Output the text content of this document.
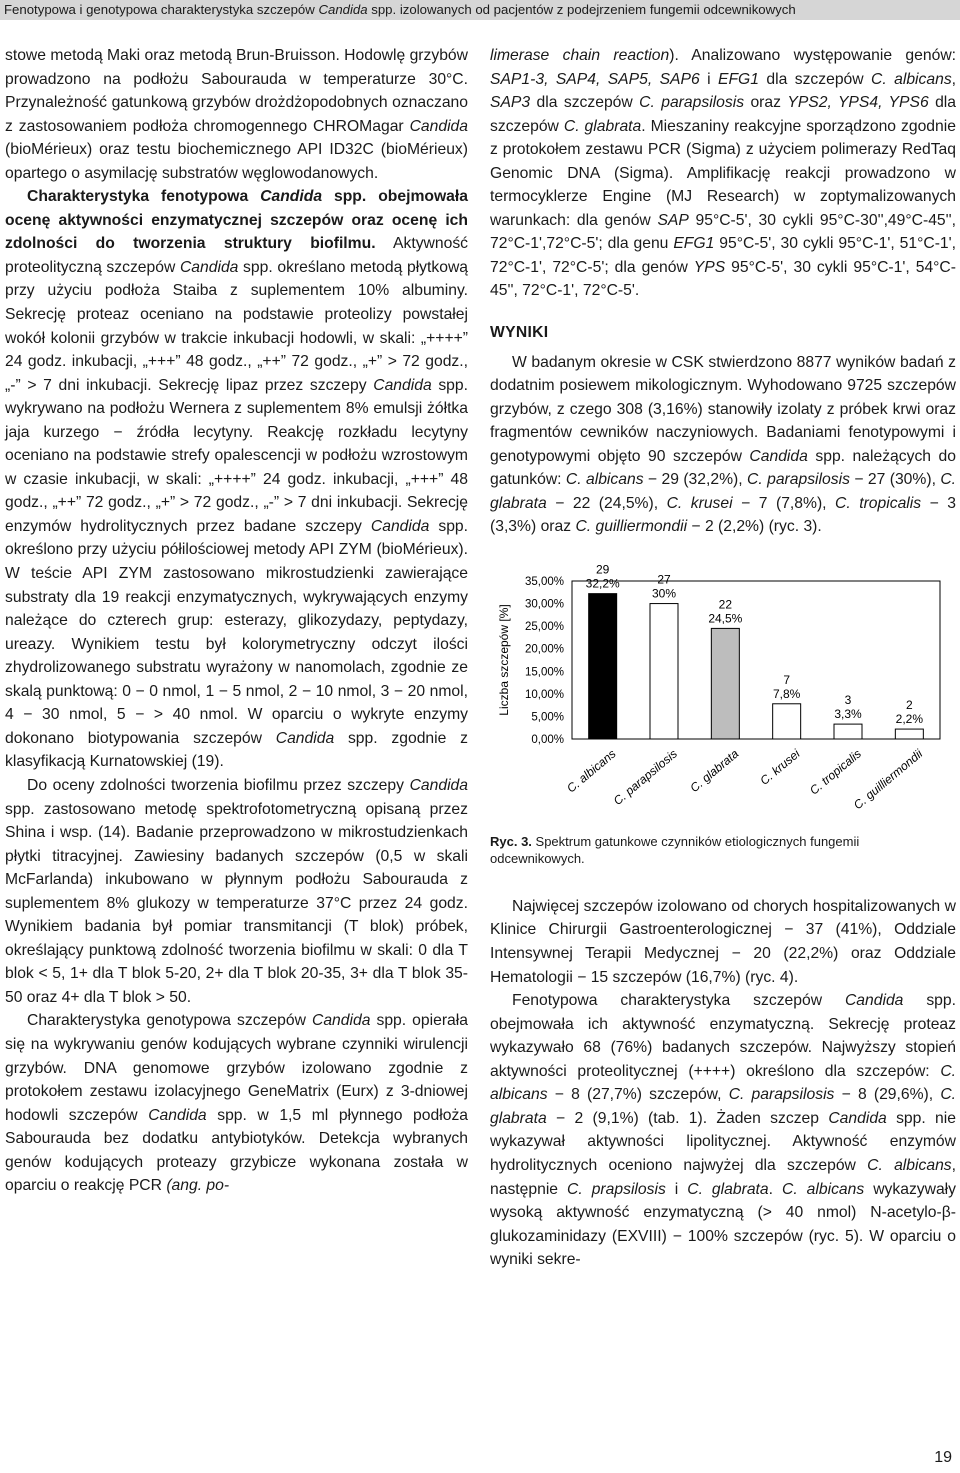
Fenotypowa i genotypowa charakterystyka szczepów Candida spp. izolowanych od pacjentów z podejrzeniem fungemii odcewnikowych

stowe metodą Maki oraz metodą Brun-Bruisson. Hodowlę grzybów prowadzono na podłożu Sabourauda w temperaturze 30°C. Przynależność gatunkową grzybów drożdżopodobnych oznaczano z zastosowaniem podłoża chromogennego CHROMagar Candida (bioMérieux) oraz testu biochemicznego API ID32C (bioMérieux) opartego o asymilację substratów węglowodanowych.

Charakterystyka fenotypowa Candida spp. obejmowała ocenę aktywności enzymatycznej szczepów oraz ocenę ich zdolności do tworzenia struktury biofilmu. Aktywność proteolityczną szczepów Candida spp. określano metodą płytkową przy użyciu podłoża Staiba z suplementem 10% albuminy. Sekrecję proteaz oceniano na podstawie proteolizy powstałej wokół kolonii grzybów w trakcie inkubacji hodowli, w skali: „++++” 24 godz. inkubacji, „+++” 48 godz., „++” 72 godz., „+” > 72 godz., „-” > 7 dni inkubacji. Sekrecję lipaz przez szczepy Candida spp. wykrywano na podłożu Wernera z suplementem 8% emulsji żółtka jaja kurzego − źródła lecytyny. Reakcję rozkładu lecytyny oceniano na podstawie strefy opalescencji w podłożu wzrostowym w czasie inkubacji, w skali: „++++” 24 godz. inkubacji, „+++” 48 godz., „++” 72 godz., „+” > 72 godz., „-” > 7 dni inkubacji. Sekrecję enzymów hydrolitycznych przez badane szczepy Candida spp. określono przy użyciu półilościowej metody API ZYM (bioMérieux). W teście API ZYM zastosowano mikrostudzienki zawierające substraty dla 19 reakcji enzymatycznych, wykrywających enzymy należące do czterech grup: esterazy, glikozydazy, peptydazy, ureazy. Wynikiem testu był kolorymetryczny odczyt ilości zhydrolizowanego substratu wyrażony w nanomolach, zgodnie ze skalą punktową: 0 − 0 nmol, 1 − 5 nmol, 2 − 10 nmol, 3 − 20 nmol, 4 − 30 nmol, 5 − > 40 nmol. W oparciu o wykryte enzymy dokonano biotypowania szczepów Candida spp. zgodnie z klasyfikacją Kurnatowskiej (19).

Do oceny zdolności tworzenia biofilmu przez szczepy Candida spp. zastosowano metodę spektrofotometryczną opisaną przez Shina i wsp. (14). Badanie przeprowadzono w mikrostudzienkach płytki titracyjnej. Zawiesiny badanych szczepów (0,5 w skali McFarlanda) inkubowano w płynnym podłożu Sabourauda z suplementem 8% glukozy w temperaturze 37°C przez 24 godz. Wynikiem badania był pomiar transmitancji (T blok) próbek, określający punktową zdolność tworzenia biofilmu w skali: 0 dla T blok < 5, 1+ dla T blok 5-20, 2+ dla T blok 20-35, 3+ dla T blok 35-50 oraz 4+ dla T blok > 50.

Charakterystyka genotypowa szczepów Candida spp. opierała się na wykrywaniu genów kodujących wybrane czynniki wirulencji grzybów. DNA genomowe grzybów izolowano zgodnie z protokołem zestawu izolacyjnego GeneMatrix (Eurx) z 3-dniowej hodowli szczepów Candida spp. w 1,5 ml płynnego podłoża Sabourauda bez dodatku antybiotyków. Detekcja wybranych genów kodujących proteazy grzybicze wykonana została w oparciu o reakcję PCR (ang. po-

limerase chain reaction). Analizowano występowanie genów: SAP1-3, SAP4, SAP5, SAP6 i EFG1 dla szczepów C. albicans, SAP3 dla szczepów C. parapsilosis oraz YPS2, YPS4, YPS6 dla szczepów C. glabrata. Mieszaniny reakcyjne sporządzono zgodnie z protokołem zestawu PCR (Sigma) z użyciem polimerazy RedTaq Genomic DNA (Sigma). Amplifikację reakcji prowadzono w termocyklerze Engine (MJ Research) w zoptymalizowanych warunkach: dla genów SAP 95°C-5', 30 cykli 95°C-30'',49°C-45'', 72°C-1',72°C-5'; dla genu EFG1 95°C-5', 30 cykli 95°C-1', 51°C-1', 72°C-1', 72°C-5'; dla genów YPS 95°C-5', 30 cykli 95°C-1', 54°C-45'', 72°C-1', 72°C-5'.

WYNIKI

W badanym okresie w CSK stwierdzono 8877 wyników badań z dodatnim posiewem mikologicznym. Wyhodowano 9725 szczepów grzybów, z czego 308 (3,16%) stanowiły izolaty z próbek krwi oraz fragmentów cewników naczyniowych. Badaniami fenotypowymi i genotypowymi objęto 90 szczepów Candida spp. należących do gatunków: C. albicans − 29 (32,2%), C. parapsilosis − 27 (30%), C. glabrata − 22 (24,5%), C. krusei − 7 (7,8%), C. tropicalis − 3 (3,3%) oraz C. guilliermondii − 2 (2,2%) (ryc. 3).

0,00%
5,00%
10,00%
15,00%
20,00%
25,00%
30,00%
35,00%
Liczba szczepów [%]
29
32,2%
C. albicans
27
30%
C. parapsilosis
22
24,5%
C. glabrata
7
7,8%
C. krusei
3
3,3%
C. tropicalis
2
2,2%
C. guilliermondii

Ryc. 3. Spektrum gatunkowe czynników etiologicznych fungemii odcewnikowych.

Najwięcej szczepów izolowano od chorych hospitalizowanych w Klinice Chirurgii Gastroenterologicznej − 37 (41%), Oddziale Intensywnej Terapii Medycznej − 20 (22,2%) oraz Oddziale Hematologii − 15 szczepów (16,7%) (ryc. 4).

Fenotypowa charakterystyka szczepów Candida spp. obejmowała ich aktywność enzymatyczną. Sekrecję proteaz wykazywało 68 (76%) badanych szczepów. Najwyższy stopień aktywności proteolitycznej (++++) określono dla szczepów: C. albicans − 8 (27,7%) szczepów, C. parapsilosis − 8 (29,6%), C. glabrata − 2 (9,1%) (tab. 1). Żaden szczep Candida spp. nie wykazywał aktywności lipolitycznej. Aktywność enzymów hydrolitycznych oceniono najwyżej dla szczepów C. albicans, następnie C. prapsilosis i C. glabrata. C. albicans wykazywały wysoką aktywność enzymatyczną (> 40 nmol) N-acetylo-β-glukozaminidazy (EXVIII) − 100% szczepów (ryc. 5). W oparciu o wyniki sekre-

19
